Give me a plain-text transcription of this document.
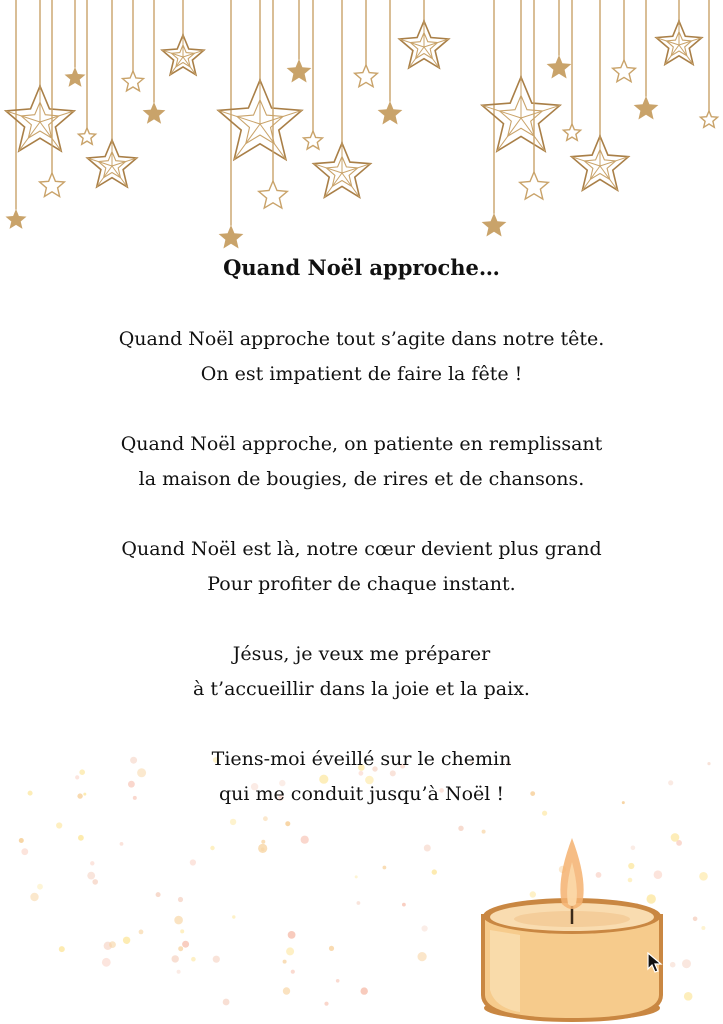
Quand Noël approche…
Quand Noël approche tout s’agite dans notre tête.
On est impatient de faire la fête !
Quand Noël approche, on patiente en remplissant
la maison de bougies, de rires et de chansons.
Quand Noël est là, notre cœur devient plus grand
Pour profiter de chaque instant.
Jésus, je veux me préparer
à t’accueillir dans la joie et la paix.
Tiens-moi éveillé sur le chemin
qui me conduit jusqu’à Noël !
